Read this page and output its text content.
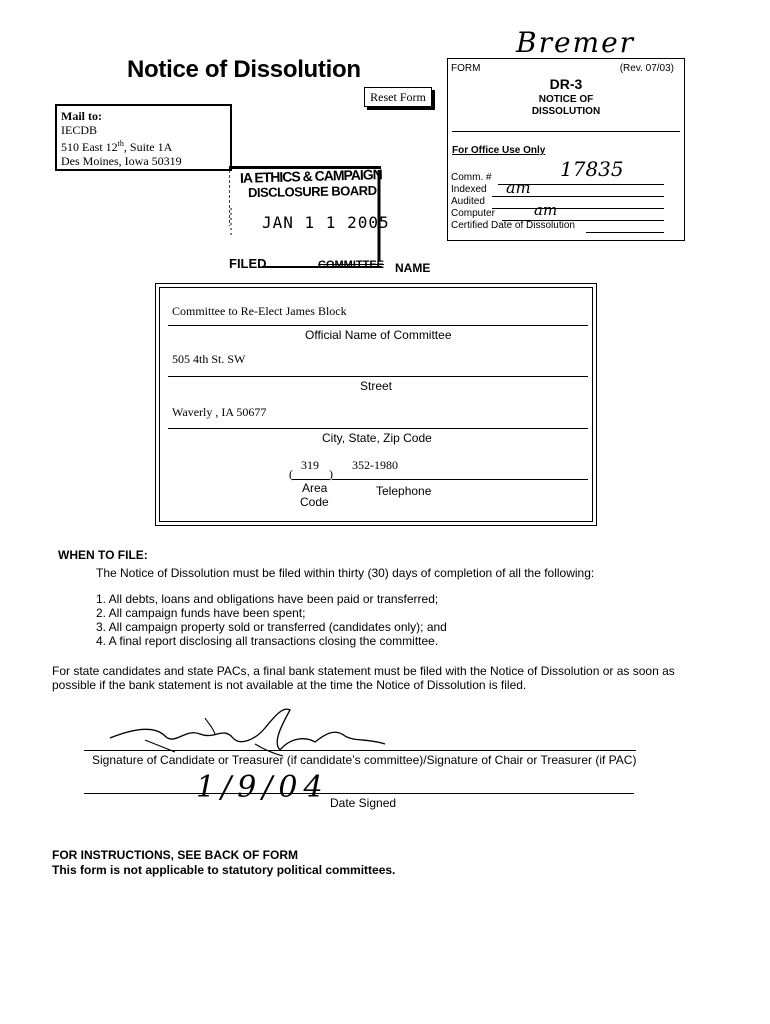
Bremer
Notice of Dissolution
Reset Form
Mail to:
IECDB
510 East 12th, Suite 1A
Des Moines, Iowa 50319
FORM	(Rev. 07/03)
DR-3
NOTICE OF
DISSOLUTION
For Office Use Only
Comm. #	17835
Indexed am
Audited
Computer	am
Certified Date of Dissolution
IA ETHICS & CAMPAIGN
DISCLOSURE BOARD
JAN 1 1 2005
FILED	COMMITTEE NAME
Committee to Re-Elect James Block
Official Name of Committee
505 4th St. SW
Street
Waverly , IA 50677
City, State, Zip Code
319	352-1980
(	)
Area
Code
Telephone
WHEN TO FILE:
The Notice of Dissolution must be filed within thirty (30) days of completion of all the following:
1. All debts, loans and obligations have been paid or transferred;
2. All campaign funds have been spent;
3. All campaign property sold or transferred (candidates only); and
4. A final report disclosing all transactions closing the committee.
For state candidates and state PACs, a final bank statement must be filed with the Notice of Dissolution or as soon as
possible if the bank statement is not available at the time the Notice of Dissolution is filed.
Signature of Candidate or Treasurer (if candidate’s committee)/Signature of Chair or Treasurer (if PAC)
1/9/04 Date Signed
FOR INSTRUCTIONS, SEE BACK OF FORM
This form is not applicable to statutory political committees.
